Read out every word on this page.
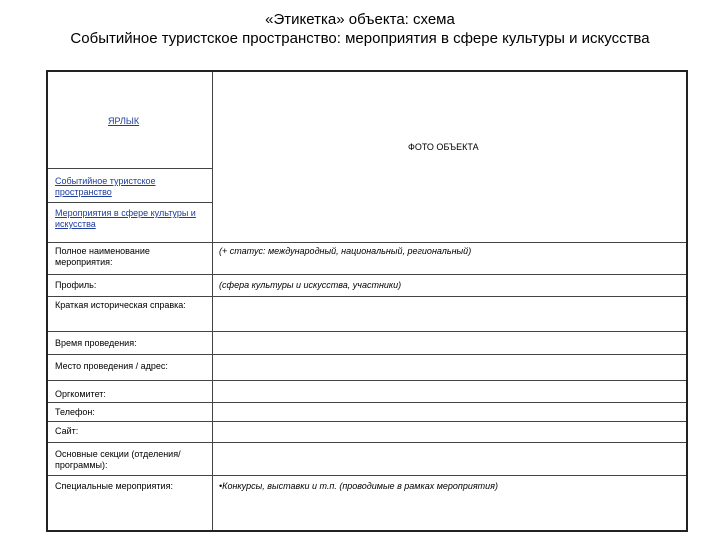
«Этикетка» объекта: схема
Событийное туристское пространство: мероприятия в сфере культуры и искусства
ЯРЛЫК
ФОТО ОБЪЕКТА
Событийное туристское пространство
Мероприятия в сфере культуры и искусства
Полное наименование мероприятия:
(+ статус: международный, национальный, региональный)
Профиль:	(сфера культуры и искусства, участники)
Краткая историческая справка:
Время проведения:
Место проведения / адрес:
Оргкомитет:
Телефон:
Сайт:
Основные секции (отделения/программы):
Специальные мероприятия:	•Конкурсы, выставки и т.п. (проводимые в рамках мероприятия)
